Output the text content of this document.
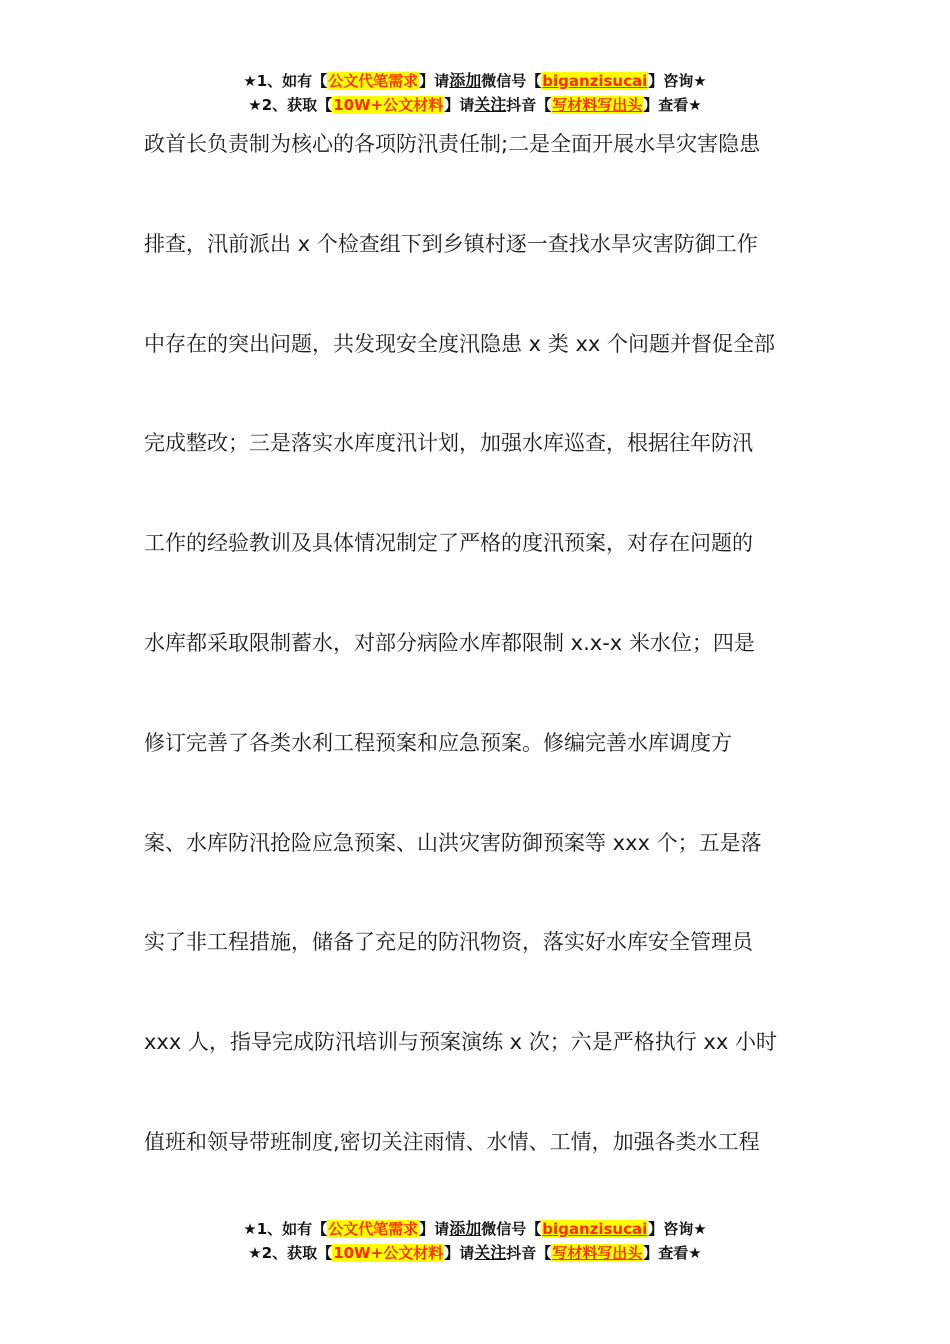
★1、如有【公文代笔需求】请添加微信号【biganzisucai】咨询★
★2、获取【10W+公文材料】请关注抖音【写材料写出头】查看★
政首长负责制为核心的各项防汛责任制;二是全面开展水旱灾害隐患
排查，汛前派出 x 个检查组下到乡镇村逐一查找水旱灾害防御工作
中存在的突出问题，共发现安全度汛隐患 x 类 xx 个问题并督促全部
完成整改；三是落实水库度汛计划，加强水库巡查，根据往年防汛
工作的经验教训及具体情况制定了严格的度汛预案，对存在问题的
水库都采取限制蓄水，对部分病险水库都限制 x.x-x 米水位；四是
修订完善了各类水利工程预案和应急预案。修编完善水库调度方
案、水库防汛抢险应急预案、山洪灾害防御预案等 xxx 个；五是落
实了非工程措施，储备了充足的防汛物资，落实好水库安全管理员
xxx 人，指导完成防汛培训与预案演练 x 次；六是严格执行 xx 小时
值班和领导带班制度,密切关注雨情、水情、工情，加强各类水工程
★1、如有【公文代笔需求】请添加微信号【biganzisucai】咨询★
★2、获取【10W+公文材料】请关注抖音【写材料写出头】查看★
